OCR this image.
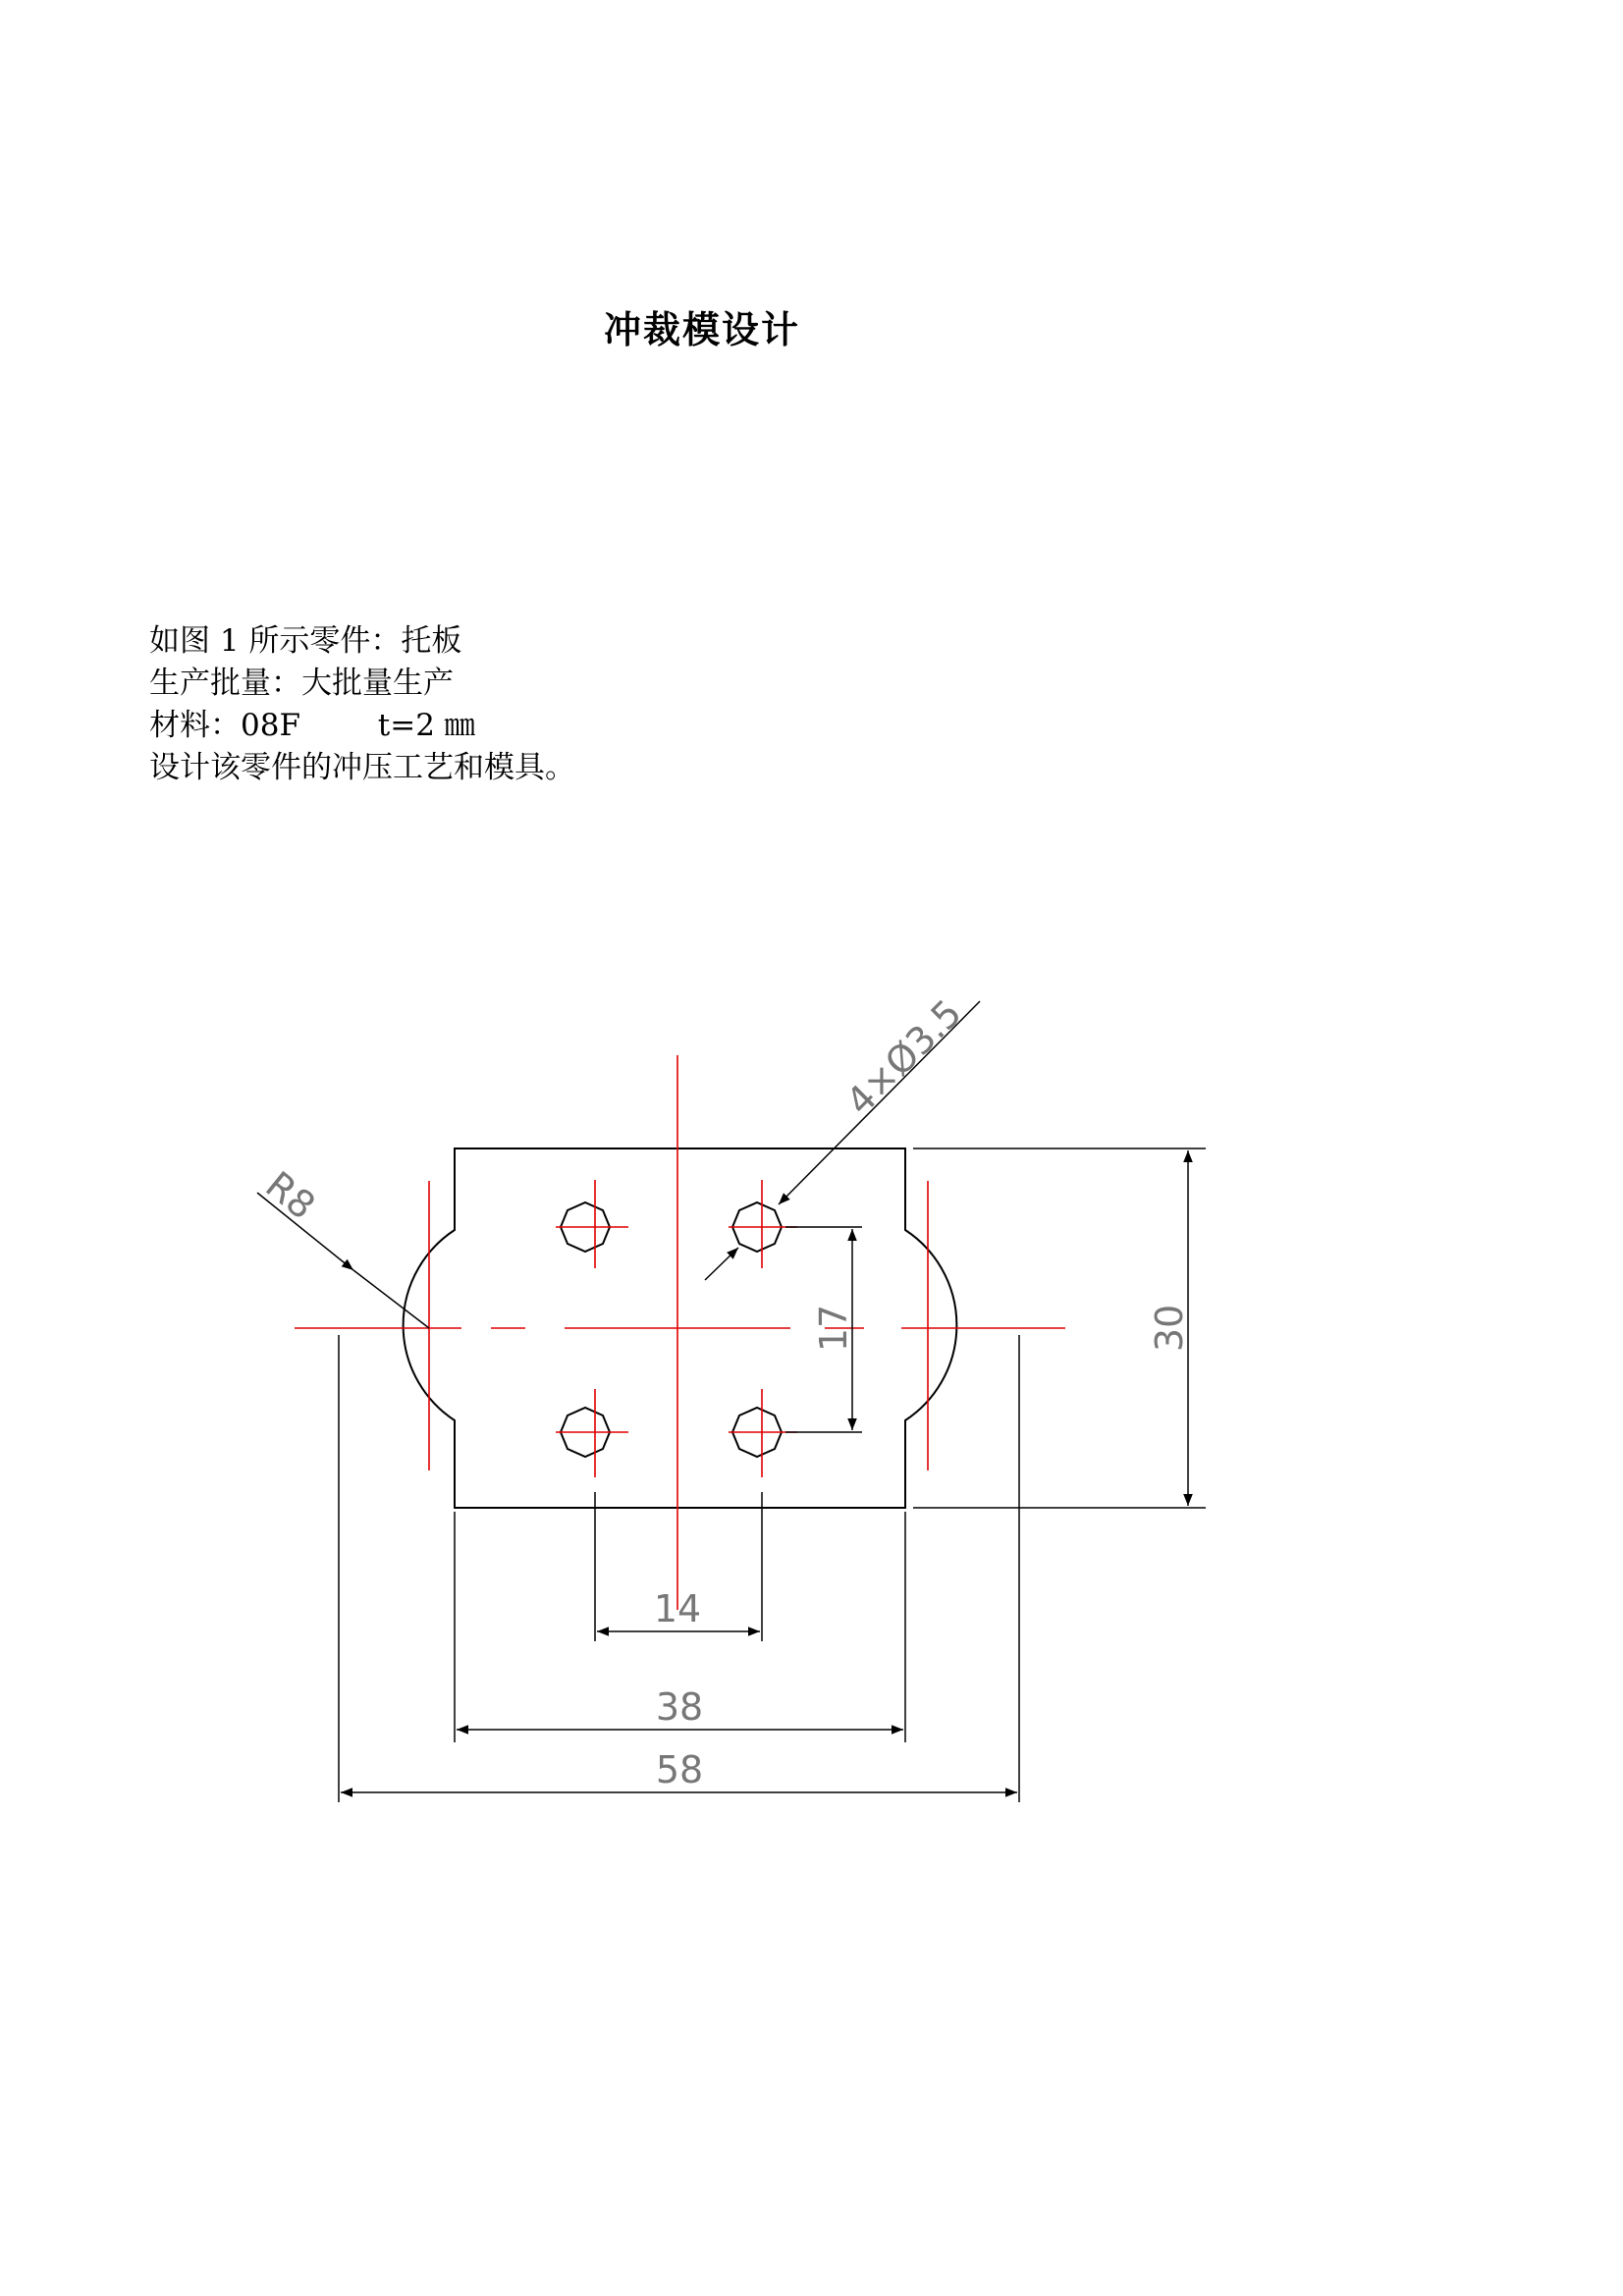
冲裁模设计
如图 1 所示零件：托板
生产批量：大批量生产
材料：08F        t=2 ㎜
设计该零件的冲压工艺和模具。
R8
4×Ø3.5
17	30
14
38
58
